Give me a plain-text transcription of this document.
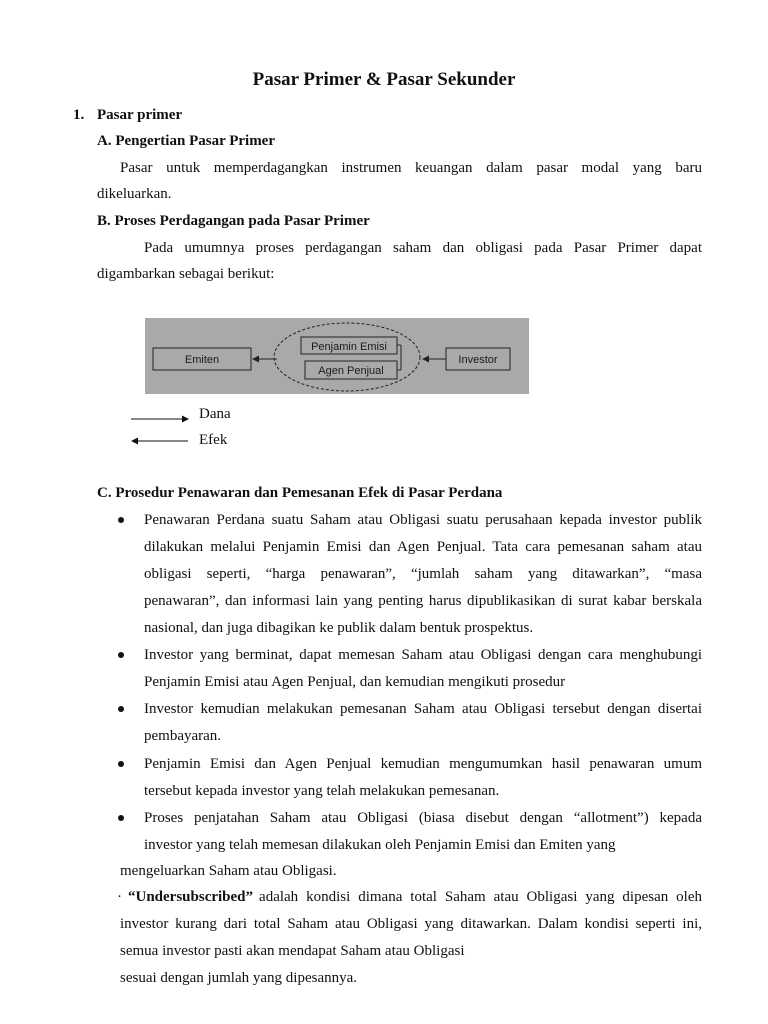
Pasar Primer & Pasar Sekunder
1. Pasar primer
A. Pengertian Pasar Primer
Pasar untuk memperdagangkan instrumen keuangan dalam pasar modal yang baru
dikeluarkan.
B. Proses Perdagangan pada Pasar Primer
Pada umumnya proses perdagangan saham dan obligasi pada Pasar Primer dapat
digambarkan sebagai berikut:
Emiten
Penjamin Emisi
Agen Penjual
Investor
Dana
Efek
C. Prosedur Penawaran dan Pemesanan Efek di Pasar Perdana
Penawaran Perdana suatu Saham atau Obligasi suatu perusahaan kepada investor publik
dilakukan melalui Penjamin Emisi dan Agen Penjual. Tata cara pemesanan saham atau
obligasi seperti, “harga penawaran”, “jumlah saham yang ditawarkan”, “masa
penawaran”, dan informasi lain yang penting harus dipublikasikan di surat kabar berskala
nasional, dan juga dibagikan ke publik dalam bentuk prospektus.
Investor yang berminat, dapat memesan Saham atau Obligasi dengan cara menghubungi
Penjamin Emisi atau Agen Penjual, dan kemudian mengikuti prosedur
Investor kemudian melakukan pemesanan Saham atau Obligasi tersebut dengan disertai
pembayaran.
Penjamin Emisi dan Agen Penjual kemudian mengumumkan hasil penawaran umum
tersebut kepada investor yang telah melakukan pemesanan.
Proses penjatahan Saham atau Obligasi (biasa disebut dengan “allotment”) kepada
investor yang telah memesan dilakukan oleh Penjamin Emisi dan Emiten yang
mengeluarkan Saham atau Obligasi.
· “Undersubscribed” adalah kondisi dimana total Saham atau Obligasi yang dipesan oleh
investor kurang dari total Saham atau Obligasi yang ditawarkan. Dalam kondisi seperti ini,
semua investor pasti akan mendapat Saham atau Obligasi
sesuai dengan jumlah yang dipesannya.
